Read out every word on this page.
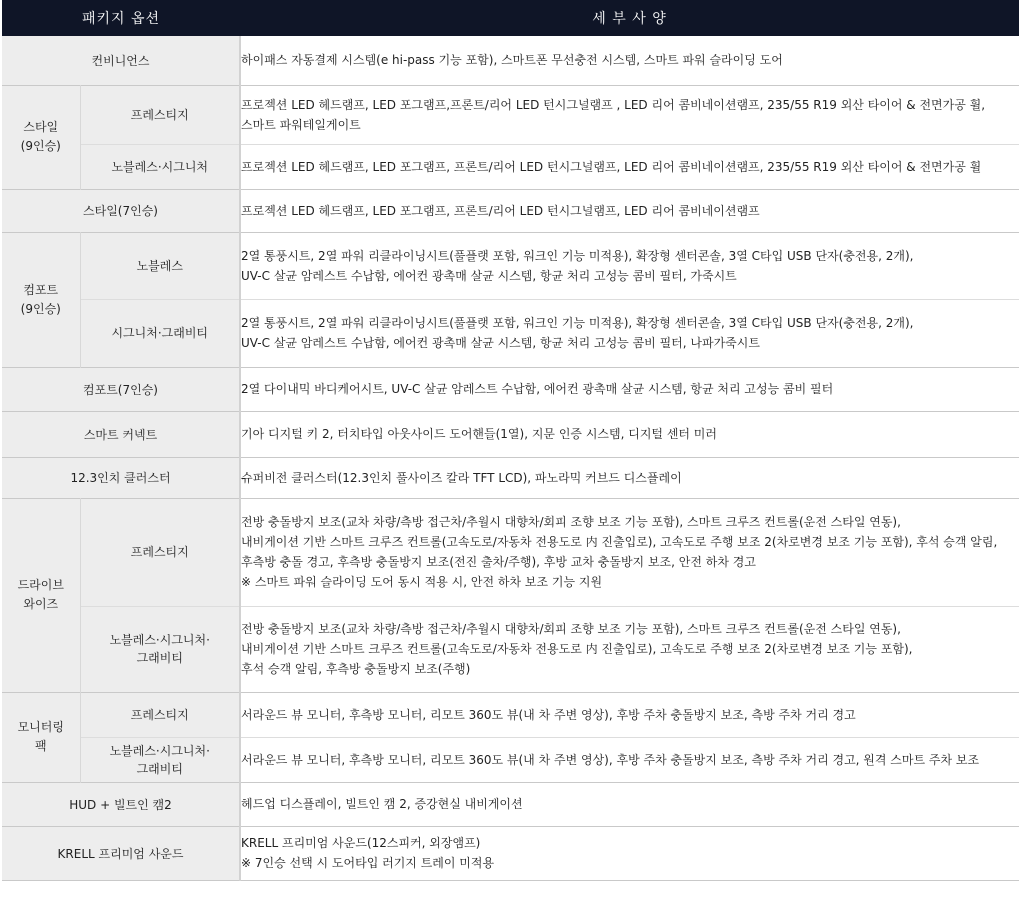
패키지 옵션		세 부 사 양
컨비니언스		하이패스 자동결제 시스템(e hi-pass 기능 포함), 스마트폰 무선충전 시스템, 스마트 파워 슬라이딩 도어

스타일
(9인승)	프레스티지	프로젝션 LED 헤드램프, LED 포그램프,프론트/리어 LED 턴시그널램프 , LED 리어 콤비네이션램프, 235/55 R19 외산 타이어 & 전면가공 휠,
스마트 파워테일게이트

	노블레스·시그니처	프로젝션 LED 헤드램프, LED 포그램프, 프론트/리어 LED 턴시그널램프, LED 리어 콤비네이션램프, 235/55 R19 외산 타이어 & 전면가공 휠

스타일(7인승)		프로젝션 LED 헤드램프, LED 포그램프, 프론트/리어 LED 턴시그널램프, LED 리어 콤비네이션램프

컴포트
(9인승)	노블레스	2열 통풍시트, 2열 파워 리클라이닝시트(풀플랫 포함, 워크인 기능 미적용), 확장형 센터콘솔, 3열 C타입 USB 단자(충전용, 2개),
UV-C 살균 암레스트 수납함, 에어컨 광촉매 살균 시스템, 항균 처리 고성능 콤비 필터, 가죽시트

	시그니처·그래비티	2열 통풍시트, 2열 파워 리클라이닝시트(풀플랫 포함, 워크인 기능 미적용), 확장형 센터콘솔, 3열 C타입 USB 단자(충전용, 2개),
UV-C 살균 암레스트 수납함, 에어컨 광촉매 살균 시스템, 항균 처리 고성능 콤비 필터, 나파가죽시트

컴포트(7인승)		2열 다이내믹 바디케어시트, UV-C 살균 암레스트 수납함, 에어컨 광촉매 살균 시스템, 항균 처리 고성능 콤비 필터

스마트 커넥트		기아 디지털 키 2, 터치타입 아웃사이드 도어핸들(1열), 지문 인증 시스템, 디지털 센터 미러

12.3인치 클러스터		슈퍼비전 클러스터(12.3인치 풀사이즈 칼라 TFT LCD), 파노라믹 커브드 디스플레이

드라이브
와이즈	프레스티지	전방 충돌방지 보조(교차 차량/측방 접근차/추월시 대향차/회피 조향 보조 기능 포함), 스마트 크루즈 컨트롤(운전 스타일 연동),
내비게이션 기반 스마트 크루즈 컨트롤(고속도로/자동차 전용도로 内 진출입로), 고속도로 주행 보조 2(차로변경 보조 기능 포함), 후석 승객 알림,
후측방 충돌 경고, 후측방 충돌방지 보조(전진 출차/주행), 후방 교차 충돌방지 보조, 안전 하차 경고
※ 스마트 파워 슬라이딩 도어 동시 적용 시, 안전 하차 보조 기능 지원

	노블레스·시그니처·
그래비티	전방 충돌방지 보조(교차 차량/측방 접근차/추월시 대향차/회피 조향 보조 기능 포함), 스마트 크루즈 컨트롤(운전 스타일 연동),
내비게이션 기반 스마트 크루즈 컨트롤(고속도로/자동차 전용도로 内 진출입로), 고속도로 주행 보조 2(차로변경 보조 기능 포함),
후석 승객 알림, 후측방 충돌방지 보조(주행)

모니터링
팩	프레스티지	서라운드 뷰 모니터, 후측방 모니터, 리모트 360도 뷰(내 차 주변 영상), 후방 주차 충돌방지 보조, 측방 주차 거리 경고

	노블레스·시그니처·
그래비티	서라운드 뷰 모니터, 후측방 모니터, 리모트 360도 뷰(내 차 주변 영상), 후방 주차 충돌방지 보조, 측방 주차 거리 경고, 원격 스마트 주차 보조

HUD + 빌트인 캠2		헤드업 디스플레이, 빌트인 캠 2, 증강현실 내비게이션

KRELL 프리미엄 사운드		KRELL 프리미엄 사운드(12스피커, 외장앰프)
※ 7인승 선택 시 도어타입 러기지 트레이 미적용
